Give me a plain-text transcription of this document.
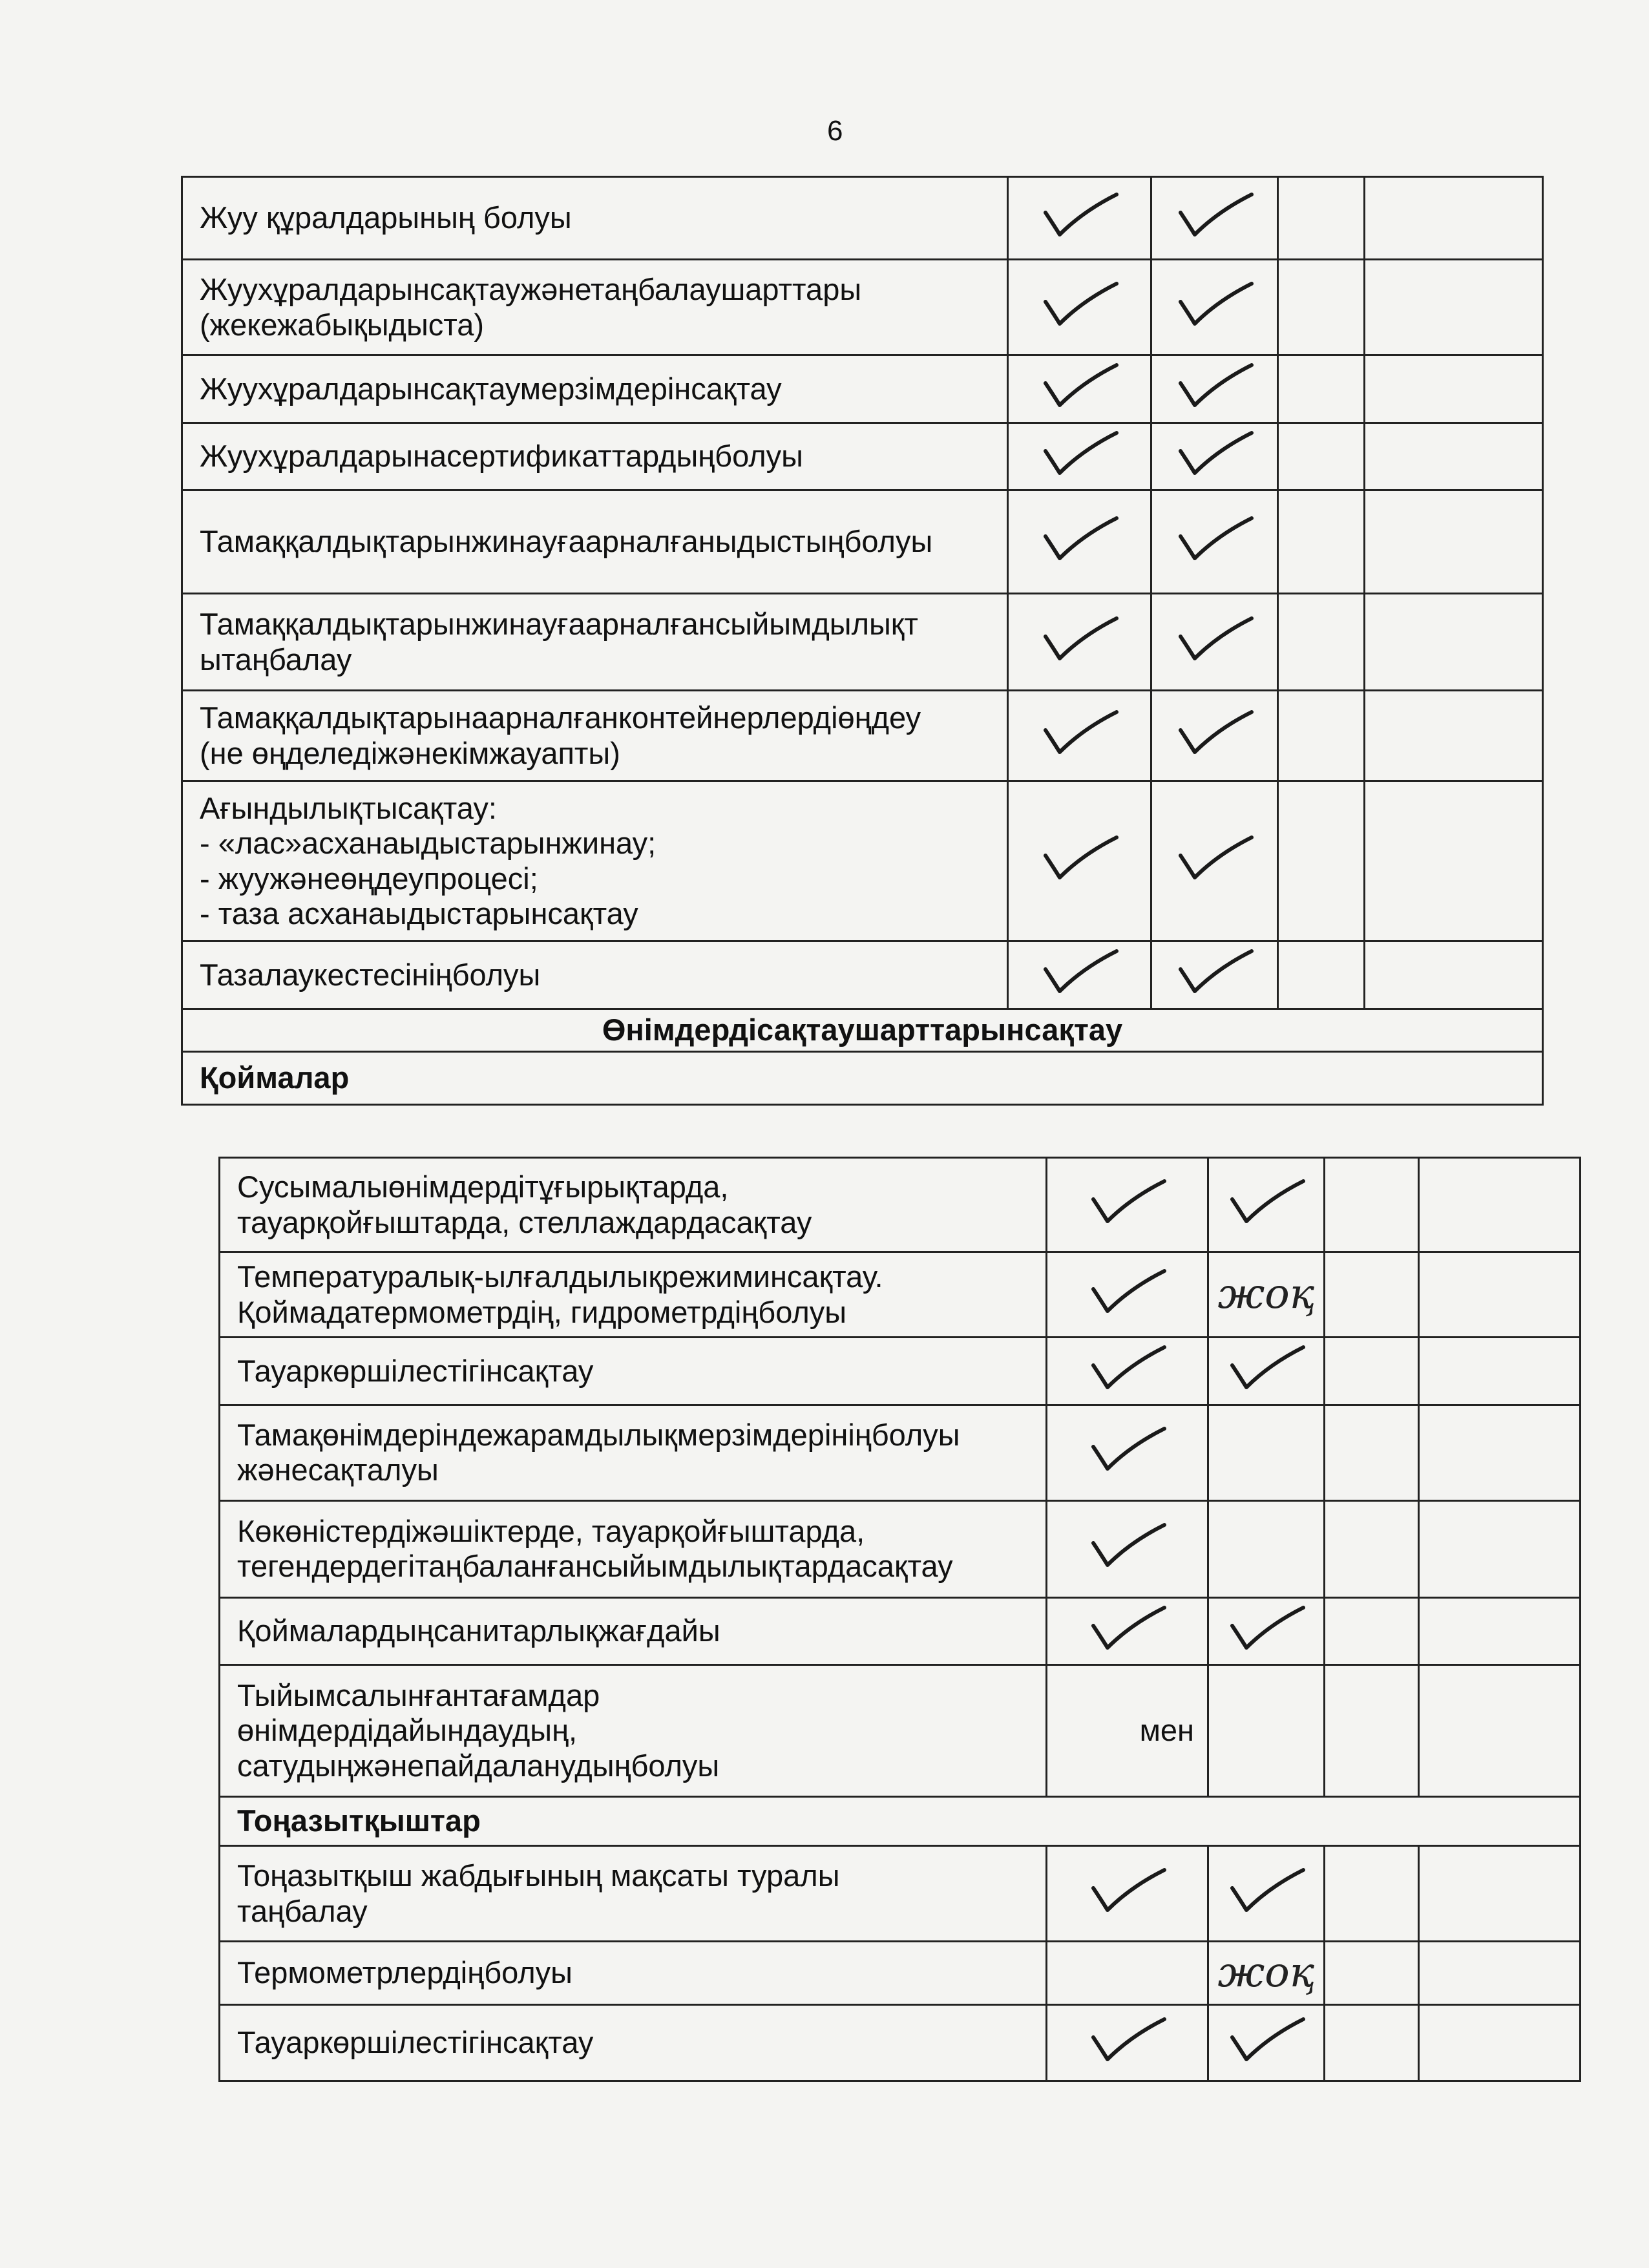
6
Жуу құралдарының болуы

Жуухұралдарынсақтаужәнетаңбалаушарттары
(жекежабықыдыста)

Жуухұралдарынсақтаумерзімдерінсақтау

Жуухұралдарынасертификаттардыңболуы

Тамаққалдықтарынжинауғаарналғаныдыстыңболуы

Тамаққалдықтарынжинауғаарналғансыйымдылықт
ытаңбалау

Тамаққалдықтарынаарналғанконтейнерлердіөңдеу
(не өңделедіжәнекімжауапты)

Ағындылықтысақтау:
- «лас»асханаыдыстарынжинау;
- жуужәнеөңдеупроцесі;
- таза асханаыдыстарынсақтау

Тазалаукестесініңболуы

Өнімдердісақтаушарттарынсақтау				
Қоймалар				
Сусымалыөнімдердітұғырықтарда,
тауарқойғыштарда, стеллаждардасақтау

Температуралық-ылғалдылықрежиминсақтау.
Қоймадатермометрдің, гидрометрдіңболуы		жоқ		

Тауаркөршілестігінсақтау

Тамақөнімдеріндежарамдылықмерзімдерініңболуы
жәнесақталуы

Көкөністердіжәшіктерде, тауарқойғыштарда,
тегендердегітаңбаланғансыйымдылықтардасақтау

Қоймалардыңсанитарлықжағдайы

Тыйымсалынғантағамдар
өнімдердідайындаудың,
сатудыңжәнепайдаланудыңболуы	мен			
Тоңазытқыштар				

Тоңазытқыш жабдығының мақсаты туралы
таңбалау

Термометрлердіңболуы		жоқ		

Тауаркөршілестігінсақтау
